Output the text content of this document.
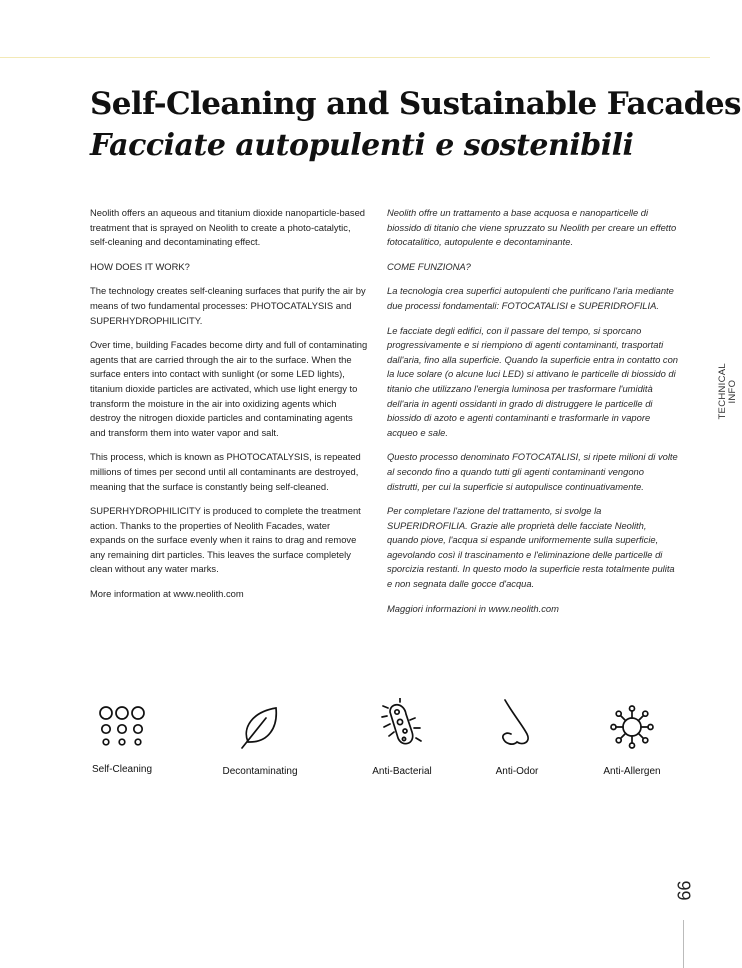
Self-Cleaning and Sustainable Facades
Facciate autopulenti e sostenibili

Neolith offers an aqueous and titanium dioxide nanoparticle-based treatment that is sprayed on Neolith to create a photo-catalytic, self-cleaning and decontaminating effect.

HOW DOES IT WORK?

The technology creates self-cleaning surfaces that purify the air by means of two fundamental processes: PHOTOCATALYSIS and SUPERHYDROPHILICITY.

Over time, building Facades become dirty and full of contaminating agents that are carried through the air to the surface. When the surface enters into contact with sunlight (or some LED lights), titanium dioxide particles are activated, which use light energy to transform the moisture in the air into oxidizing agents which destroy the nitrogen dioxide particles and contaminating agents and transform them into water vapor and salt.

This process, which is known as PHOTOCATALYSIS, is repeated millions of times per second until all contaminants are destroyed, meaning that the surface is constantly being self-cleaned.

SUPERHYDROPHILICITY is produced to complete the treatment action. Thanks to the properties of Neolith Facades, water expands on the surface evenly when it rains to drag and remove any remaining dirt particles. This leaves the surface completely clean without any water marks.

More information at www.neolith.com

Neolith offre un trattamento a base acquosa e nanoparticelle di biossido di titanio che viene spruzzato su Neolith per creare un effetto fotocatalitico, autopulente e decontaminante.

COME FUNZIONA?

La tecnologia crea superfici autopulenti che purificano l'aria mediante due processi fondamentali: FOTOCATALISI e SUPERIDROFILIA.

Le facciate degli edifici, con il passare del tempo, si sporcano progressivamente e si riempiono di agenti contaminanti, trasportati dall'aria, fino alla superficie. Quando la superficie entra in contatto con la luce solare (o alcune luci LED) si attivano le particelle di biossido di titanio che utilizzano l'energia luminosa per trasformare l'umidità dell'aria in agenti ossidanti in grado di distruggere le particelle di biossido di azoto e agenti contaminanti e trasformarle in vapore acqueo e sale.

Questo processo denominato FOTOCATALISI, si ripete milioni di volte al secondo fino a quando tutti gli agenti contaminanti vengono distrutti, per cui la superficie si autopulisce continuativamente.

Per completare l'azione del trattamento, si svolge la SUPERIDROFILIA. Grazie alle proprietà delle facciate Neolith, quando piove, l'acqua si espande uniformemente sulla superficie, agevolando così il trascinamento e l'eliminazione delle particelle di sporcizia restanti. In questo modo la superficie resta totalmente pulita e non segnata dalle gocce d'acqua.

Maggiori informazioni in www.neolith.com

TECHNICAL
INFO
Self-Cleaning	Decontaminating	Anti-Bacterial	Anti-Odor	Anti-Allergen
99
